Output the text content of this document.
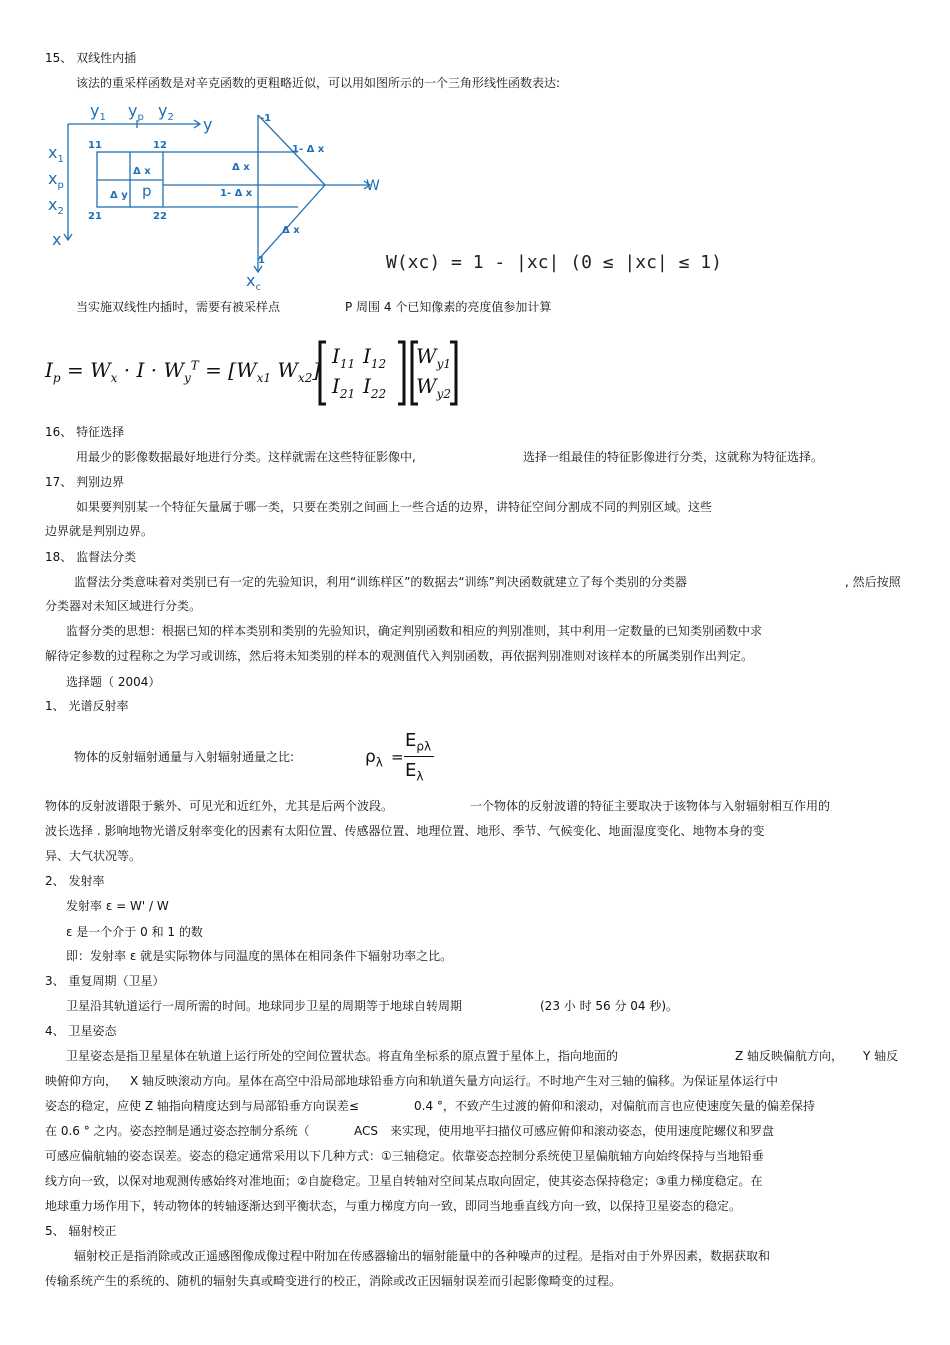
15、 双线性内插
该法的重采样函数是对辛克函数的更粗略近似，可以用如图所示的一个三角形线性函数表达:
$y_1$ $y_p$ $y_2$ y
$x_1$
$x_p$
$x_2$
x
11	12
21	22
Δ x
Δ y p
-1
1
1- Δ x
Δ x
1- Δ x
Δ x
W
$x_c$
W(xc) = 1 - |xc| (0 ≤ |xc| ≤ 1)
当实施双线性内插时，需要有被采样点	P 周围 4 个已知像素的亮度值参加计算
$I_p = W_x \cdot I \cdot W_y^T = [W_{x1}$ $W_{x2}$]
$I_{11}$ $I_{12}$
$I_{21}$ $I_{22}$
$W_{y1}$
$W_{y2}$
16、 特征选择
用最少的影像数据最好地进行分类。这样就需在这些特征影像中,	选择一组最佳的特征影像进行分类，这就称为特征选择。
17、 判别边界
如果要判别某一个特征矢量属于哪一类，只要在类别之间画上一些合适的边界，讲特征空间分割成不同的判别区域。这些
边界就是判别边界。
18、 监督法分类
监督法分类意味着对类别已有一定的先验知识，利用“训练样区”的数据去“训练”判决函数就建立了每个类别的分类器	, 然后按照
分类器对未知区域进行分类。
监督分类的思想：根据已知的样本类别和类别的先验知识，确定判别函数和相应的判别准则，其中利用一定数量的已知类别函数中求
解待定参数的过程称之为学习或训练，然后将未知类别的样本的观测值代入判别函数，再依据判别准则对该样本的所属类别作出判定。
选择题（ 2004）
1、 光谱反射率
物体的反射辐射通量与入射辐射通量之比:	$\rho_\lambda$ =
$E_{\rho\lambda}$
$E_\lambda$
物体的反射波谱限于紫外、可见光和近红外，尤其是后两个波段。	一个物体的反射波谱的特征主要取决于该物体与入射辐射相互作用的
波长选择 . 影响地物光谱反射率变化的因素有太阳位置、传感器位置、地理位置、地形、季节、气候变化、地面湿度变化、地物本身的变
异、大气状况等。
2、 发射率
发射率 ε = W' / W
ε 是一个介于 0 和 1 的数
即：发射率 ε 就是实际物体与同温度的黑体在相同条件下辐射功率之比。
3、 重复周期（卫星）
卫星沿其轨道运行一周所需的时间。地球同步卫星的周期等于地球自转周期	(23 小 时 56 分 04 秒)。
4、 卫星姿态
卫星姿态是指卫星星体在轨道上运行所处的空间位置状态。将直角坐标系的原点置于星体上，指向地面的	Z 轴反映偏航方向， Y 轴反
映俯仰方向， X 轴反映滚动方向。星体在高空中沿局部地球铅垂方向和轨道矢量方向运行。不时地产生对三轴的偏移。为保证星体运行中
姿态的稳定，应使 Z 轴指向精度达到与局部铅垂方向误差≤	0.4 °，不致产生过渡的俯仰和滚动，对偏航而言也应使速度矢量的偏差保持
在 0.6 ° 之内。姿态控制是通过姿态控制分系统（	ACS 来实现，使用地平扫描仪可感应俯仰和滚动姿态，使用速度陀螺仪和罗盘
可感应偏航轴的姿态误差。姿态的稳定通常采用以下几种方式：①三轴稳定。依靠姿态控制分系统使卫星偏航轴方向始终保持与当地铅垂
线方向一致，以保对地观测传感始终对准地面；②自旋稳定。卫星自转轴对空间某点取向固定，使其姿态保持稳定；③重力梯度稳定。在
地球重力场作用下，转动物体的转轴逐渐达到平衡状态，与重力梯度方向一致，即同当地垂直线方向一致，以保持卫星姿态的稳定。
5、 辐射校正
辐射校正是指消除或改正遥感图像成像过程中附加在传感器输出的辐射能量中的各种噪声的过程。是指对由于外界因素，数据获取和
传输系统产生的系统的、随机的辐射失真或畸变进行的校正，消除或改正因辐射误差而引起影像畸变的过程。
